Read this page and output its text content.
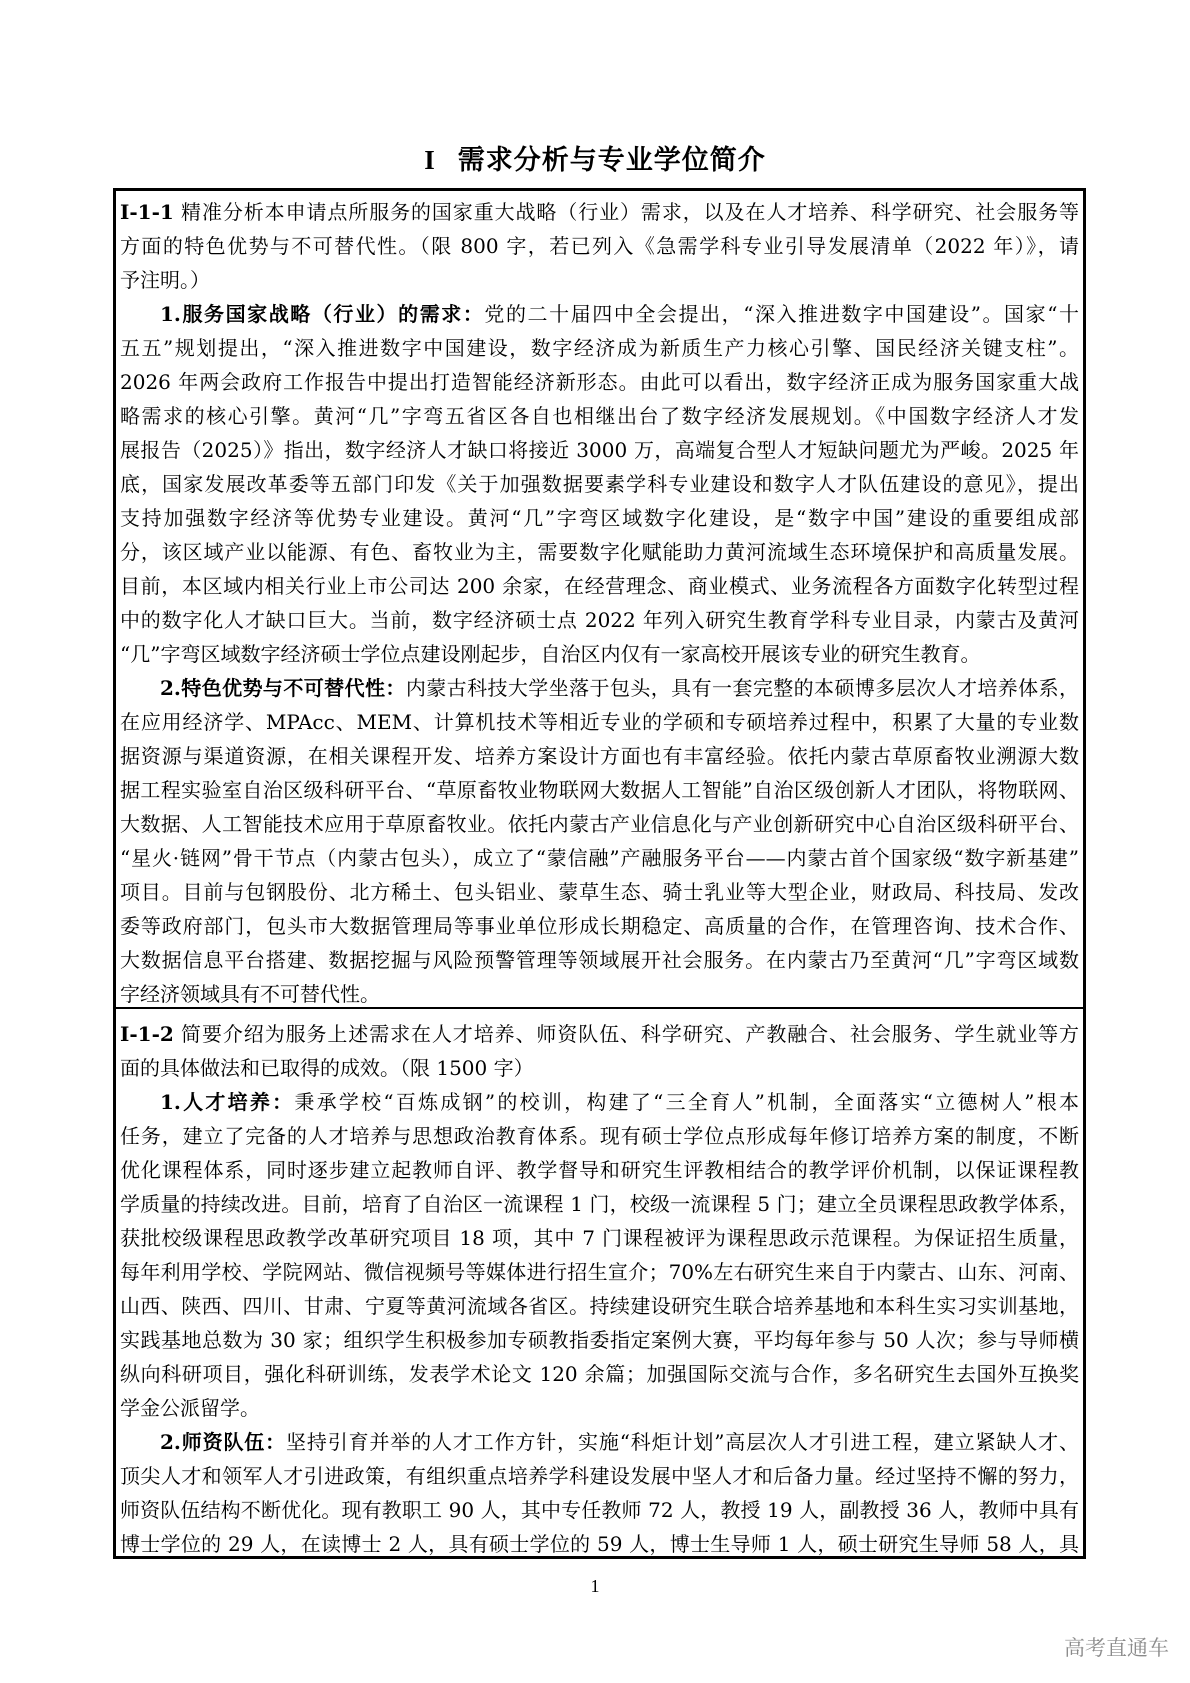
I 需求分析与专业学位简介
I-1-1 精准分析本申请点所服务的国家重大战略（行业）需求，以及在人才培养、科学研究、社会服务等
方面的特色优势与不可替代性。（限 800 字，若已列入《急需学科专业引导发展清单（2022 年）》，请
予注明。）
1.服务国家战略（行业）的需求：党的二十届四中全会提出，“深入推进数字中国建设”。国家“十
五五”规划提出，“深入推进数字中国建设，数字经济成为新质生产力核心引擎、国民经济关键支柱”。
2026 年两会政府工作报告中提出打造智能经济新形态。由此可以看出，数字经济正成为服务国家重大战
略需求的核心引擎。黄河“几”字弯五省区各自也相继出台了数字经济发展规划。《中国数字经济人才发
展报告（2025）》指出，数字经济人才缺口将接近 3000 万，高端复合型人才短缺问题尤为严峻。2025 年
底，国家发展改革委等五部门印发《关于加强数据要素学科专业建设和数字人才队伍建设的意见》，提出
支持加强数字经济等优势专业建设。黄河“几”字弯区域数字化建设，是“数字中国”建设的重要组成部
分，该区域产业以能源、有色、畜牧业为主，需要数字化赋能助力黄河流域生态环境保护和高质量发展。
目前，本区域内相关行业上市公司达 200 余家，在经营理念、商业模式、业务流程各方面数字化转型过程
中的数字化人才缺口巨大。当前，数字经济硕士点 2022 年列入研究生教育学科专业目录，内蒙古及黄河
“几”字弯区域数字经济硕士学位点建设刚起步，自治区内仅有一家高校开展该专业的研究生教育。
2.特色优势与不可替代性：内蒙古科技大学坐落于包头，具有一套完整的本硕博多层次人才培养体系，
在应用经济学、MPAcc、MEM、计算机技术等相近专业的学硕和专硕培养过程中，积累了大量的专业数
据资源与渠道资源，在相关课程开发、培养方案设计方面也有丰富经验。依托内蒙古草原畜牧业溯源大数
据工程实验室自治区级科研平台、“草原畜牧业物联网大数据人工智能”自治区级创新人才团队，将物联网、
大数据、人工智能技术应用于草原畜牧业。依托内蒙古产业信息化与产业创新研究中心自治区级科研平台、
“星火·链网”骨干节点（内蒙古包头），成立了“蒙信融”产融服务平台——内蒙古首个国家级“数字新基建”
项目。目前与包钢股份、北方稀土、包头铝业、蒙草生态、骑士乳业等大型企业，财政局、科技局、发改
委等政府部门，包头市大数据管理局等事业单位形成长期稳定、高质量的合作，在管理咨询、技术合作、
大数据信息平台搭建、数据挖掘与风险预警管理等领域展开社会服务。在内蒙古乃至黄河“几”字弯区域数
字经济领域具有不可替代性。
I-1-2 简要介绍为服务上述需求在人才培养、师资队伍、科学研究、产教融合、社会服务、学生就业等方
面的具体做法和已取得的成效。（限 1500 字）
1.人才培养：秉承学校“百炼成钢”的校训，构建了“三全育人”机制，全面落实“立德树人”根本
任务，建立了完备的人才培养与思想政治教育体系。现有硕士学位点形成每年修订培养方案的制度，不断
优化课程体系，同时逐步建立起教师自评、教学督导和研究生评教相结合的教学评价机制，以保证课程教
学质量的持续改进。目前，培育了自治区一流课程 1 门，校级一流课程 5 门；建立全员课程思政教学体系，
获批校级课程思政教学改革研究项目 18 项，其中 7 门课程被评为课程思政示范课程。为保证招生质量，
每年利用学校、学院网站、微信视频号等媒体进行招生宣介；70%左右研究生来自于内蒙古、山东、河南、
山西、陕西、四川、甘肃、宁夏等黄河流域各省区。持续建设研究生联合培养基地和本科生实习实训基地，
实践基地总数为 30 家；组织学生积极参加专硕教指委指定案例大赛，平均每年参与 50 人次；参与导师横
纵向科研项目，强化科研训练，发表学术论文 120 余篇；加强国际交流与合作，多名研究生去国外互换奖
学金公派留学。
2.师资队伍：坚持引育并举的人才工作方针，实施“科炬计划”高层次人才引进工程，建立紧缺人才、
顶尖人才和领军人才引进政策，有组织重点培养学科建设发展中坚人才和后备力量。经过坚持不懈的努力，
师资队伍结构不断优化。现有教职工 90 人，其中专任教师 72 人，教授 19 人，副教授 36 人，教师中具有
博士学位的 29 人，在读博士 2 人，具有硕士学位的 59 人，博士生导师 1 人，硕士研究生导师 58 人，具
1
高考直通车
